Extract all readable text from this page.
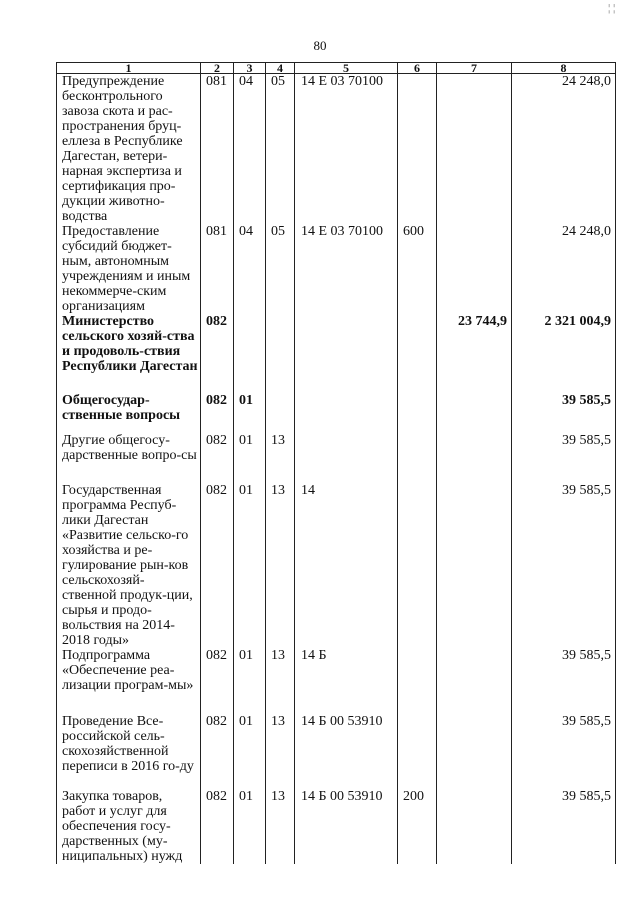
80
1	2	3	4	5	6	7	8
Предупреждение бесконтрольного завоза скота и рас-пространения бруц-еллеза в Республике Дагестан, ветери-нарная экспертиза и сертификация про-дукции животно-водства	081	04	05	14 Е 03 70100			24 248,0
Предоставление субсидий бюджет-ным, автономным учреждениям и иным некоммерче-ским организациям	081	04	05	14 Е 03 70100	600		24 248,0
Министерство сельского хозяй-ства и продоволь-ствия Республики Дагестан	082					23 744,9	2 321 004,9
Общегосудар-ственные вопросы	082	01					39 585,5
Другие общегосу-дарственные вопро-сы	082	01	13				39 585,5
Государственная программа Респуб-лики Дагестан «Развитие сельско-го хозяйства и ре-гулирование рын-ков сельскохозяй-ственной продук-ции, сырья и продо-вольствия на 2014-2018 годы»	082	01	13	14			39 585,5
Подпрограмма «Обеспечение реа-лизации програм-мы»	082	01	13	14 Б			39 585,5
Проведение Все-российской сель-скохозяйственной переписи в 2016 го-ду	082	01	13	14 Б 00 53910			39 585,5
Закупка товаров, работ и услуг для обеспечения госу-дарственных (му-ниципальных) нужд	082	01	13	14 Б 00 53910	200		39 585,5
¦ ¦
